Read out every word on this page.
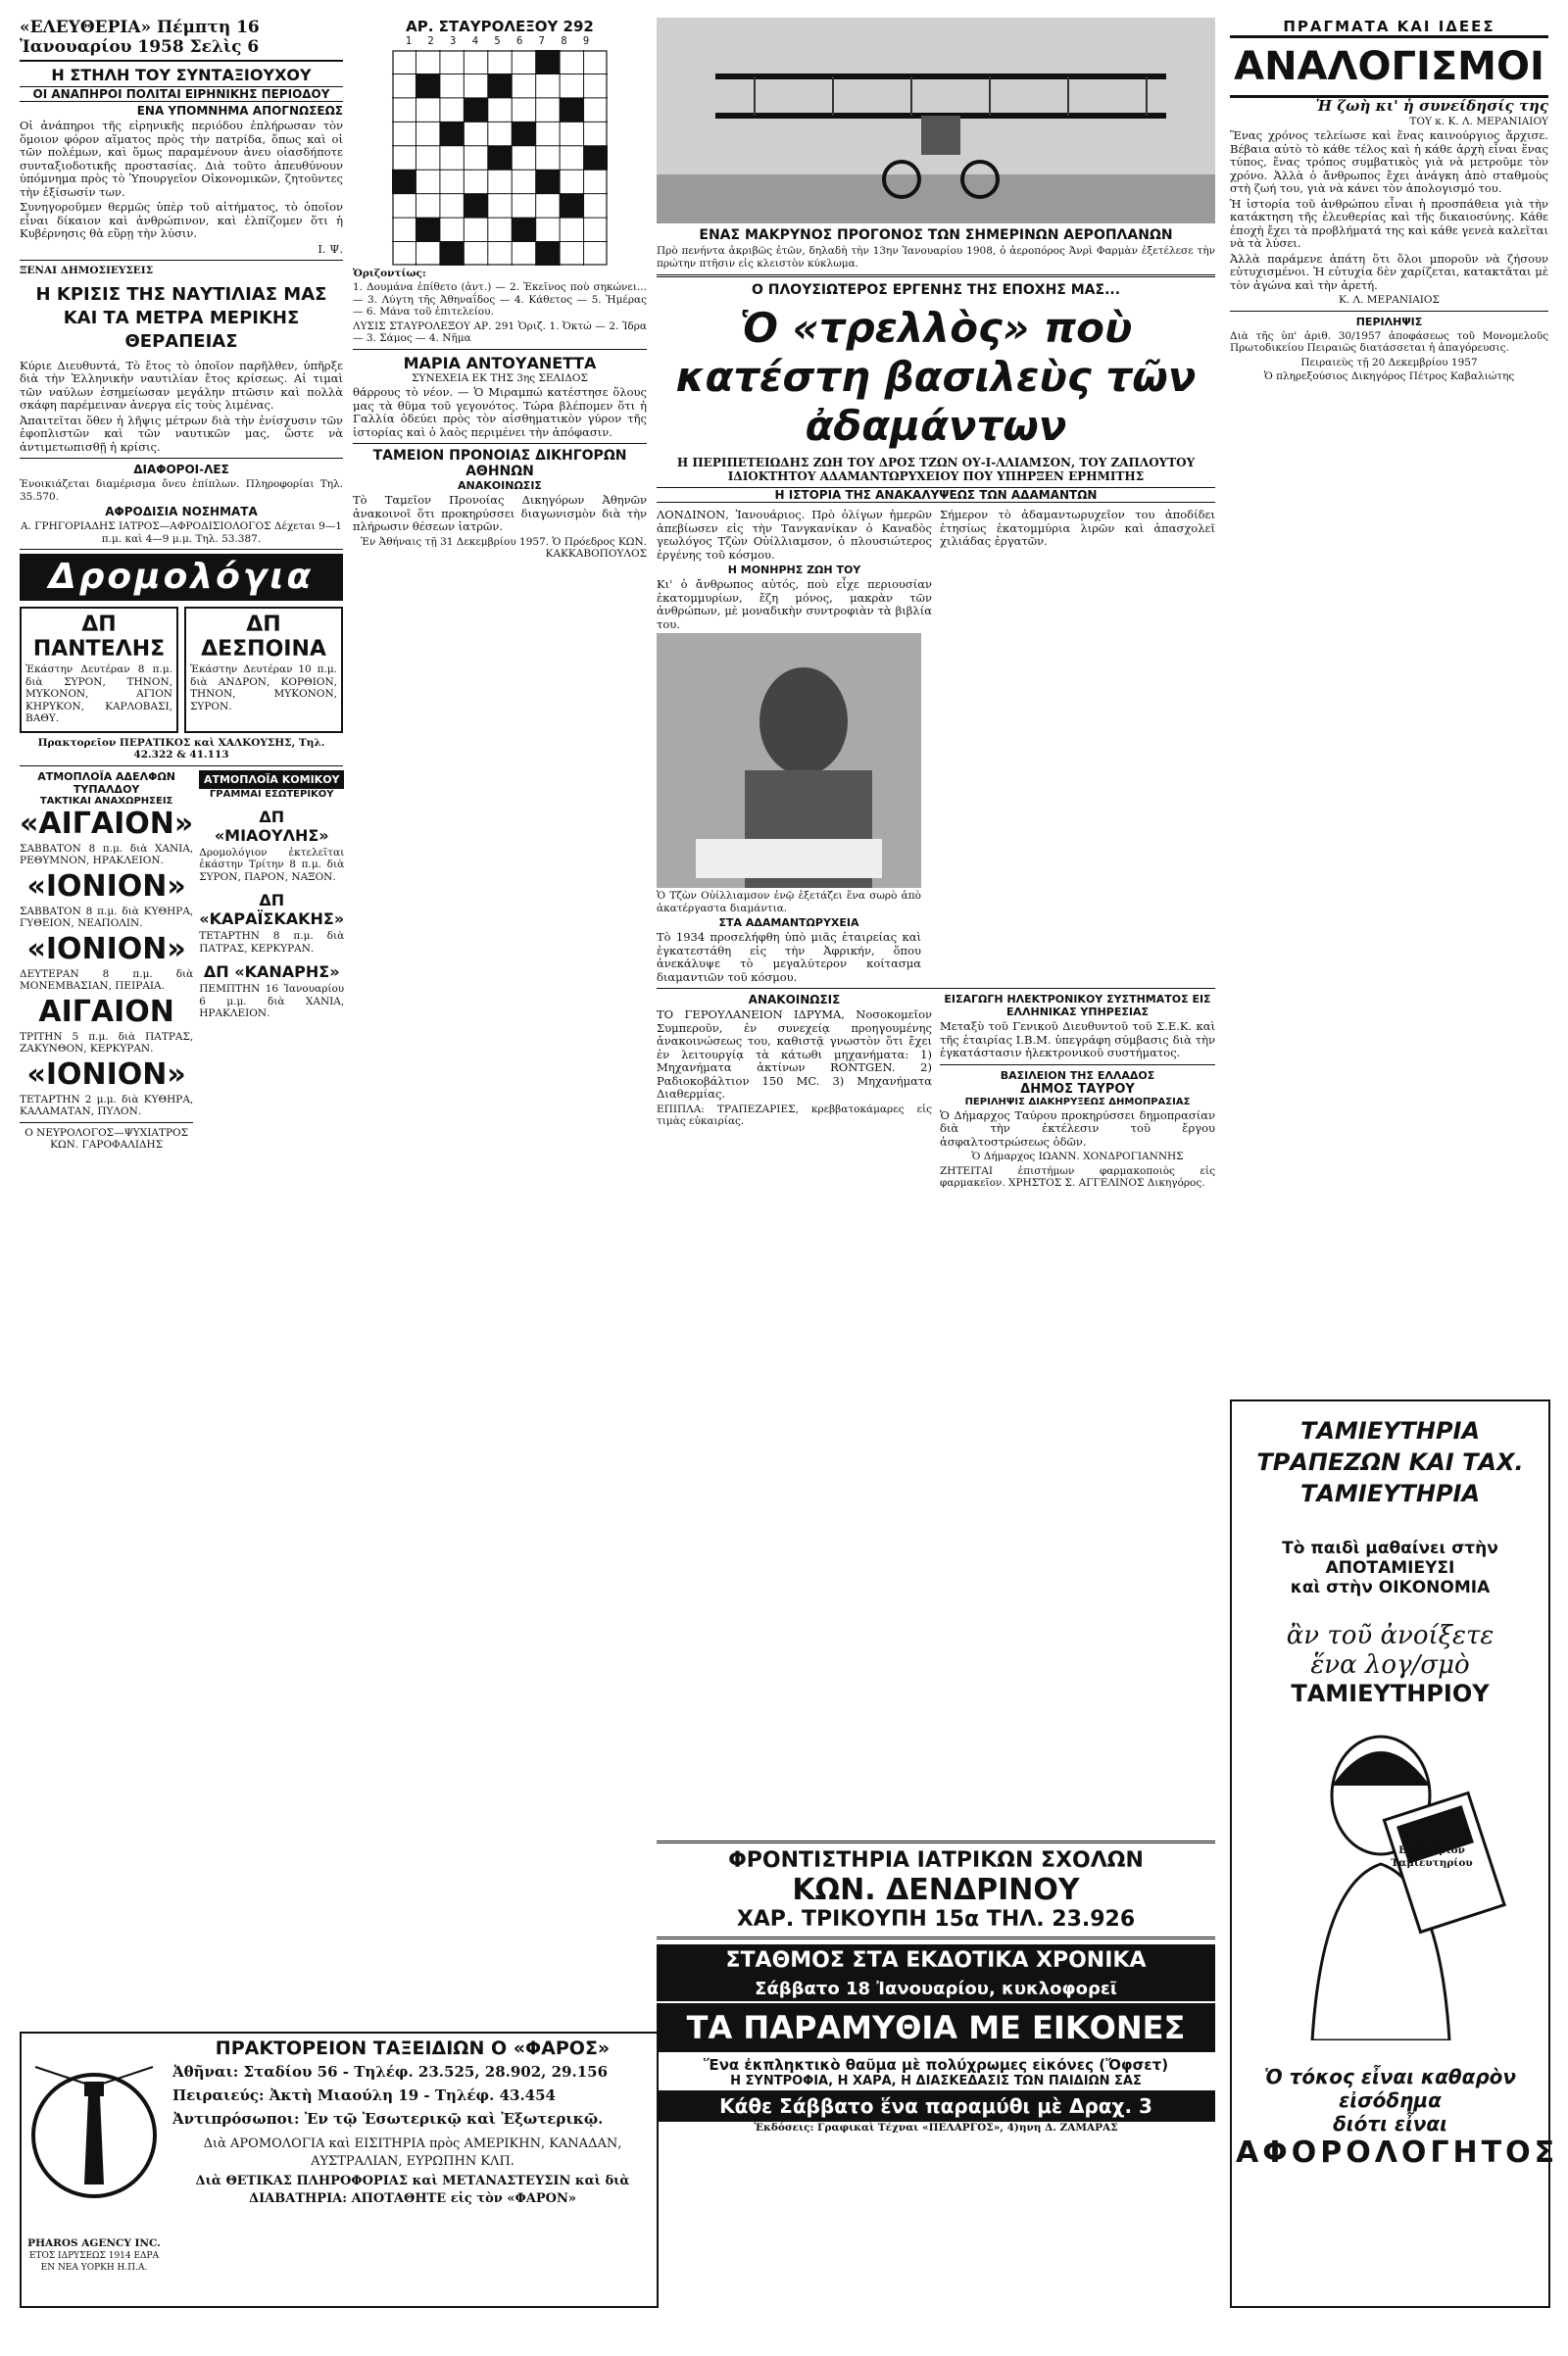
«ΕΛΕΥΘΕΡΙΑ» Πέμπτη 16 Ἰανουαρίου 1958 Σελὶς 6
Η ΣΤΗΛΗ ΤΟΥ ΣΥΝΤΑΞΙΟΥΧΟΥ
ΟΙ ΑΝΑΠΗΡΟΙ ΠΟΛΙΤΑΙ ΕΙΡΗΝΙΚΗΣ ΠΕΡΙΟΔΟΥ
ΕΝΑ ΥΠΟΜΝΗΜΑ ΑΠΟΓΝΩΣΕΩΣ

Οἱ ἀνάπηροι τῆς εἰρηνικῆς περιόδου ἐπλήρωσαν τὸν ὅμοιον φόρον αἵματος πρὸς τὴν πατρίδα, ὅπως καὶ οἱ τῶν πολέμων, καὶ ὅμως παραμένουν ἀνευ οἰασδήποτε συνταξιοδοτικῆς προστασίας. Διὰ τοῦτο ἀπευθύνουν ὑπόμνημα πρὸς τὸ Ὑπουργεῖον Οἰκονομικῶν, ζητοῦντες τὴν ἐξίσωσίν των.

Συνηγοροῦμεν θερμῶς ὑπὲρ τοῦ αἰτήματος, τὸ ὁποῖον εἶναι δίκαιον καὶ ἀνθρώπινον, καὶ ἐλπίζομεν ὅτι ἡ Κυβέρνησις θὰ εὕρῃ τὴν λύσιν.

Ι. Ψ.
ΞΕΝΑΙ ΔΗΜΟΣΙΕΥΣΕΙΣ
Η ΚΡΙΣΙΣ ΤΗΣ ΝΑΥΤΙΛΙΑΣ ΜΑΣ ΚΑΙ ΤΑ ΜΕΤΡΑ ΜΕΡΙΚΗΣ ΘΕΡΑΠΕΙΑΣ

Κύριε Διευθυντά, Τὸ ἔτος τὸ ὁποῖον παρῆλθεν, ὑπῆρξε διὰ τὴν Ἑλληνικὴν ναυτιλίαν ἔτος κρίσεως. Αἱ τιμαὶ τῶν ναύλων ἐσημείωσαν μεγάλην πτῶσιν καὶ πολλὰ σκάφη παρέμειναν ἀνεργα εἰς τοὺς λιμένας.

Ἀπαιτεῖται ὅθεν ἡ λῆψις μέτρων διὰ τὴν ἐνίσχυσιν τῶν ἐφοπλιστῶν καὶ τῶν ναυτικῶν μας, ὥστε νὰ ἀντιμετωπισθῇ ἡ κρίσις.

ΔΙΑΦΟΡΟΙ-ΛΕΣ

Ἐνοικιάζεται διαμέρισμα ὄνευ ἐπίπλων. Πληροφορίαι Τηλ. 35.570.

ΑΦΡΟΔΙΣΙΑ ΝΟΣΗΜΑΤΑ

Α. ΓΡΗΓΟΡΙΑΔΗΣ ΙΑΤΡΟΣ—ΑΦΡΟΔΙΣΙΟΛΟΓΟΣ Δέχεται 9—1 π.μ. καὶ 4—9 μ.μ. Τηλ. 53.387.

Δρομολόγια
ΔΠ ΠΑΝΤΕΛΗΣ

Ἐκάστην Δευτέραν 8 π.μ. διὰ ΣΥΡΟΝ, ΤΗΝΟΝ, ΜΥΚΟΝΟΝ, ΑΓΙΟΝ ΚΗΡΥΚΟΝ, ΚΑΡΛΟΒΑΣΙ, ΒΑΘΥ.

ΔΠ ΔΕΣΠΟΙΝΑ

Ἐκάστην Δευτέραν 10 π.μ. διὰ ΑΝΔΡΟΝ, ΚΟΡΘΙΟΝ, ΤΗΝΟΝ, ΜΥΚΟΝΟΝ, ΣΥΡΟΝ.

Πρακτορεῖον ΠΕΡΑΤΙΚΟΣ καὶ ΧΑΛΚΟΥΣΗΣ, Τηλ. 42.322 & 41.113
ΑΤΜΟΠΛΟΪΑ ΑΔΕΛΦΩΝ ΤΥΠΑΛΔΟΥ
ΤΑΚΤΙΚΑΙ ΑΝΑΧΩΡΗΣΕΙΣ
«ΑΙΓΑΙΟΝ»

ΣΑΒΒΑΤΟΝ 8 π.μ. διὰ ΧΑΝΙΑ, ΡΕΘΥΜΝΟΝ, ΗΡΑΚΛΕΙΟΝ.

«ΙΟΝΙΟΝ»

ΣΑΒΒΑΤΟΝ 8 π.μ. διὰ ΚΥΘΗΡΑ, ΓΥΘΕΙΟΝ, ΝΕΑΠΟΛΙΝ.

«ΙΟΝΙΟΝ»

ΔΕΥΤΕΡΑΝ 8 π.μ. διὰ ΜΟΝΕΜΒΑΣΙΑΝ, ΠΕΙΡΑΙΑ.

ΑΙΓΑΙΟΝ

ΤΡΙΤΗΝ 5 π.μ. διὰ ΠΑΤΡΑΣ, ΖΑΚΥΝΘΟΝ, ΚΕΡΚΥΡΑΝ.

«ΙΟΝΙΟΝ»

ΤΕΤΑΡΤΗΝ 2 μ.μ. διὰ ΚΥΘΗΡΑ, ΚΑΛΑΜΑΤΑΝ, ΠΥΛΟΝ.

Ο ΝΕΥΡΟΛΟΓΟΣ—ΨΥΧΙΑΤΡΟΣ ΚΩΝ. ΓΑΡΟΦΑΛΙΔΗΣ

ΑΤΜΟΠΛΟΪΑ ΚΟΜΙΚΟΥ
ΓΡΑΜΜΑΙ ΕΣΩΤΕΡΙΚΟΥ
ΔΠ «ΜΙΑΟΥΛΗΣ»

Δρομολόγιον ἐκτελεῖται ἐκάστην Τρίτην 8 π.μ. διὰ ΣΥΡΟΝ, ΠΑΡΟΝ, ΝΑΞΟΝ.

ΔΠ «ΚΑΡΑΪΣΚΑΚΗΣ»

ΤΕΤΑΡΤΗΝ 8 π.μ. διὰ ΠΑΤΡΑΣ, ΚΕΡΚΥΡΑΝ.

ΔΠ «ΚΑΝΑΡΗΣ»

ΠΕΜΠΤΗΝ 16 Ἰανουαρίου 6 μ.μ. διὰ ΧΑΝΙΑ, ΗΡΑΚΛΕΙΟΝ.

PHAROS AGENCY INC.
ΕΤΟΣ ΙΔΡΥΣΕΩΣ 1914 ΕΔΡΑ ΕΝ ΝΕΑ ΥΟΡΚΗ Η.Π.Α.
ΠΡΑΚΤΟΡΕΙΟΝ ΤΑΞΕΙΔΙΩΝ Ο «ΦΑΡΟΣ»
Ἀθῆναι: Σταδίου 56 - Τηλέφ. 23.525, 28.902, 29.156
Πειραιεύς: Ἀκτὴ Μιαούλη 19 - Τηλέφ. 43.454
Ἀντιπρόσωποι: Ἐν τῷ Ἐσωτερικῷ καὶ Ἐξωτερικῷ.
Διὰ ΑΡΟΜΟΛΟΓΙΑ καὶ ΕΙΣΙΤΗΡΙΑ πρὸς ΑΜΕΡΙΚΗΝ, ΚΑΝΑΔΑΝ, ΑΥΣΤΡΑΛΙΑΝ, ΕΥΡΩΠΗΝ ΚΛΠ.
Διὰ ΘΕΤΙΚΑΣ ΠΛΗΡΟΦΟΡΙΑΣ καὶ ΜΕΤΑΝΑΣΤΕΥΣΙΝ καὶ διὰ ΔΙΑΒΑΤΗΡΙΑ: ΑΠΟΤΑΘΗΤΕ εἰς τὸν «ΦΑΡΟΝ»
ΑΡ. ΣΤΑΥΡΟΛΕΞΟΥ 292
1 2 3 4 5 6 7 8 9
Ὁριζοντίως:

1. Δουμάνα ἐπίθετο (ἀντ.) — 2. Ἐκεῖνος ποὺ σηκώνει... — 3. Λύγτη τῆς Ἀθηναΐδος — 4. Κάθετος — 5. Ἡμέρας — 6. Μάνα τοῦ ἐπιτελείου.

ΛΥΣΙΣ ΣΤΑΥΡΟΛΕΞΟΥ ΑΡ. 291 Ὁριζ. 1. Ὀκτώ — 2. Ἰδρα — 3. Σάμος — 4. Νῆμα

ΜΑΡΙΑ ΑΝΤΟΥΑΝΕΤΤΑ
ΣΥΝΕΧΕΙΑ ΕΚ ΤΗΣ 3ης ΣΕΛΙΔΟΣ

θάρρους τὸ νέον. — Ὁ Μιραμπώ κατέστησε ὅλους μας τὰ θῦμα τοῦ γεγονότος. Τώρα βλέπομεν ὅτι ἡ Γαλλία ὁδεύει πρὸς τὸν αἰσθηματικὸν γύρον τῆς ἱστορίας καὶ ὁ λαὸς περιμένει τὴν ἀπόφασιν.

ΤΑΜΕΙΟΝ ΠΡΟΝΟΙΑΣ ΔΙΚΗΓΟΡΩΝ ΑΘΗΝΩΝ
ΑΝΑΚΟΙΝΩΣΙΣ

Τὸ Ταμεῖον Προνοίας Δικηγόρων Ἀθηνῶν ἀνακοινοῖ ὅτι προκηρύσσει διαγωνισμὸν διὰ τὴν πλήρωσιν θέσεων ἰατρῶν.

Ἐν Ἀθήναις τῇ 31 Δεκεμβρίου 1957. Ὁ Πρόεδρος ΚΩΝ. ΚΑΚΚΑΒΟΠΟΥΛΟΣ

ΕΝΑΣ ΜΑΚΡΥΝΟΣ ΠΡΟΓΟΝΟΣ ΤΩΝ ΣΗΜΕΡΙΝΩΝ ΑΕΡΟΠΛΑΝΩΝ

Πρὸ πενήντα ἀκριβῶς ἐτῶν, δηλαδὴ τὴν 13ην Ἰανουαρίου 1908, ὁ ἀεροπόρος Ἀνρὶ Φαρμὰν ἐξετέλεσε τὴν πρώτην πτῆσιν εἰς κλειστὸν κύκλωμα.

Ο ΠΛΟΥΣΙΩΤΕΡΟΣ ΕΡΓΕΝΗΣ ΤΗΣ ΕΠΟΧΗΣ ΜΑΣ...
Ὁ «τρελλὸς» ποὺ κατέστη βασιλεὺς τῶν ἀδαμάντων
Η ΠΕΡΙΠΕΤΕΙΩΔΗΣ ΖΩΗ ΤΟΥ ΔΡΟΣ ΤΖΩΝ ΟΥ-Ι-ΛΛΙΑΜΣΟΝ, ΤΟΥ ΖΑΠΛΟΥΤΟΥ ΙΔΙΟΚΤΗΤΟΥ ΑΔΑΜΑΝΤΩΡΥΧΕΙΟΥ ΠΟΥ ΥΠΗΡΞΕΝ ΕΡΗΜΙΤΗΣ
Η ΙΣΤΟΡΙΑ ΤΗΣ ΑΝΑΚΑΛΥΨΕΩΣ ΤΩΝ ΑΔΑΜΑΝΤΩΝ

ΛΟΝΔΙΝΟΝ, Ἰανουάριος. Πρὸ ὀλίγων ἡμερῶν ἀπεβίωσεν εἰς τὴν Τανγκανίκαν ὁ Καναδὸς γεωλόγος Τζὼν Οὐίλλιαμσον, ὁ πλουσιώτερος ἐργένης τοῦ κόσμου.

Η ΜΟΝΗΡΗΣ ΖΩΗ ΤΟΥ

Κι' ὁ ἄνθρωπος αὐτός, ποὺ εἶχε περιουσίαν ἑκατομμυρίων, ἔζη μόνος, μακρὰν τῶν ἀνθρώπων, μὲ μοναδικὴν συντροφιὰν τὰ βιβλία του.

Σήμερον τὸ ἀδαμαντωρυχεῖον του ἀποδίδει ἐτησίως ἑκατομμύρια λιρῶν καὶ ἀπασχολεῖ χιλιάδας ἐργατῶν.

Ὁ Τζὼν Οὐίλλιαμσον ἐνῷ ἐξετάζει ἕνα σωρὸ ἀπὸ ἀκατέργαστα διαμάντια.
ΣΤΑ ΑΔΑΜΑΝΤΩΡΥΧΕΙΑ

Τὸ 1934 προσελήφθη ὑπὸ μιᾶς ἑταιρείας καὶ ἐγκατεστάθη εἰς τὴν Ἀφρικήν, ὅπου ἀνεκάλυψε τὸ μεγαλύτερον κοίτασμα διαμαντιῶν τοῦ κόσμου.

ΑΝΑΚΟΙΝΩΣΙΣ

ΤΟ ΓΕΡΟΥΛΑΝΕΙΟΝ ΙΔΡΥΜΑ, Νοσοκομεῖον Συμπεροῦν, ἐν συνεχείᾳ προηγουμένης ἀνακοινώσεως του, καθιστᾷ γνωστὸν ὅτι ἔχει ἐν λειτουργίᾳ τὰ κάτωθι μηχανήματα: 1) Μηχανήματα ἀκτίνων RONTGEN. 2) Ραδιοκοβάλτιον 150 MC. 3) Μηχανήματα Διαθερμίας.

ΕΠΙΠΛΑ: ΤΡΑΠΕΖΑΡΙΕΣ, κρεββατοκάμαρες εἰς τιμὰς εὐκαιρίας.

ΕΙΣΑΓΩΓΗ ΗΛΕΚΤΡΟΝΙΚΟΥ ΣΥΣΤΗΜΑΤΟΣ ΕΙΣ ΕΛΛΗΝΙΚΑΣ ΥΠΗΡΕΣΙΑΣ

Μεταξὺ τοῦ Γενικοῦ Διευθυντοῦ τοῦ Σ.Ε.Κ. καὶ τῆς ἑταιρίας Ι.Β.Μ. ὑπεγράφη σύμβασις διὰ τὴν ἐγκατάστασιν ἠλεκτρονικοῦ συστήματος.

ΒΑΣΙΛΕΙΟΝ ΤΗΣ ΕΛΛΑΔΟΣ
ΔΗΜΟΣ ΤΑΥΡΟΥ
ΠΕΡΙΛΗΨΙΣ ΔΙΑΚΗΡΥΞΕΩΣ ΔΗΜΟΠΡΑΣΙΑΣ

Ὁ Δήμαρχος Ταύρου προκηρύσσει δημοπρασίαν διὰ τὴν ἐκτέλεσιν τοῦ ἔργου ἀσφαλτοστρώσεως ὁδῶν.

Ὁ Δήμαρχος ΙΩΑΝΝ. ΧΟΝΔΡΟΓΙΑΝΝΗΣ

ΖΗΤΕΙΤΑΙ ἐπιστήμων φαρμακοποιὸς εἰς φαρμακεῖον. ΧΡΗΣΤΟΣ Σ. ΑΓΓΕΛΙΝΟΣ Δικηγόρος.

ΦΡΟΝΤΙΣΤΗΡΙΑ ΙΑΤΡΙΚΩΝ ΣΧΟΛΩΝ
ΚΩΝ. ΔΕΝΔΡΙΝΟΥ
ΧΑΡ. ΤΡΙΚΟΥΠΗ 15α ΤΗΛ. 23.926
ΣΤΑΘΜΟΣ ΣΤΑ ΕΚΔΟΤΙΚΑ ΧΡΟΝΙΚΑ
Σάββατο 18 Ἰανουαρίου, κυκλοφορεῖ
ΤΑ ΠΑΡΑΜΥΘΙΑ ΜΕ ΕΙΚΟΝΕΣ
Ἕνα ἐκπληκτικὸ θαῦμα μὲ πολύχρωμες εἰκόνες (Ὄφσετ)
Η ΣΥΝΤΡΟΦΙΑ, Η ΧΑΡΑ, Η ΔΙΑΣΚΕΔΑΣΙΣ ΤΩΝ ΠΑΙΔΙΩΝ ΣΑΣ
Κάθε Σάββατο ἕνα παραμύθι μὲ Δραχ. 3
Ἐκδόσεις: Γραφικαὶ Τέχναι «ΠΕΛΑΡΓΟΣ», 4)ηνη Δ. ΖΑΜΑΡΑΣ
ΠΡΑΓΜΑΤΑ ΚΑΙ ΙΔΕΕΣ
ΑΝΑΛΟΓΙΣΜΟΙ
Ἡ ζωὴ κι' ἡ συνείδησίς της
ΤΟΥ κ. Κ. Λ. ΜΕΡΑΝΙΑΙΟΥ

Ἕνας χρόνος τελείωσε καὶ ἕνας καινούργιος ἄρχισε. Βέβαια αὐτὸ τὸ κάθε τέλος καὶ ἡ κάθε ἀρχὴ εἶναι ἕνας τύπος, ἕνας τρόπος συμβατικὸς γιὰ νὰ μετροῦμε τὸν χρόνο. Ἀλλὰ ὁ ἄνθρωπος ἔχει ἀνάγκη ἀπὸ σταθμοὺς στὴ ζωή του, γιὰ νὰ κάνει τὸν ἀπολογισμό του.

Ἡ ἱστορία τοῦ ἀνθρώπου εἶναι ἡ προσπάθεια γιὰ τὴν κατάκτηση τῆς ἐλευθερίας καὶ τῆς δικαιοσύνης. Κάθε ἐποχὴ ἔχει τὰ προβλήματά της καὶ κάθε γενεὰ καλεῖται νὰ τὰ λύσει.

Ἀλλὰ παράμενε ἀπάτη ὅτι ὅλοι μποροῦν νὰ ζήσουν εὐτυχισμένοι. Ἡ εὐτυχία δὲν χαρίζεται, κατακτᾶται μὲ τὸν ἀγώνα καὶ τὴν ἀρετή.

Κ. Λ. ΜΕΡΑΝΙΑΙΟΣ
ΠΕΡΙΛΗΨΙΣ

Διὰ τῆς ὑπ' ἀριθ. 30/1957 ἀποφάσεως τοῦ Μονομελοῦς Πρωτοδικείου Πειραιῶς διατάσσεται ἡ ἀπαγόρευσις.

Πειραιεὺς τῇ 20 Δεκεμβρίου 1957

Ὁ πληρεξούσιος Δικηγόρος Πέτρος Καβαλιώτης

ΤΑΜΙΕΥΤΗΡΙΑ ΤΡΑΠΕΖΩΝ ΚΑΙ ΤΑΧ. ΤΑΜΙΕΥΤΗΡΙΑ
Τὸ παιδὶ μαθαίνει στὴν ΑΠΟΤΑΜΙΕΥΣΙ
καὶ στὴν ΟΙΚΟΝΟΜΙΑ
ἂν τοῦ ἀνοίξετε
ἕνα λογ/σμὸ
ΤΑΜΙΕΥΤΗΡΙΟΥ
Βιβλιάριον Ταμιευτηρίου
Ὁ τόκος εἶναι καθαρὸν εἰσόδημα
διότι εἶναι
ΑΦΟΡΟΛΟΓΗΤΟΣ
